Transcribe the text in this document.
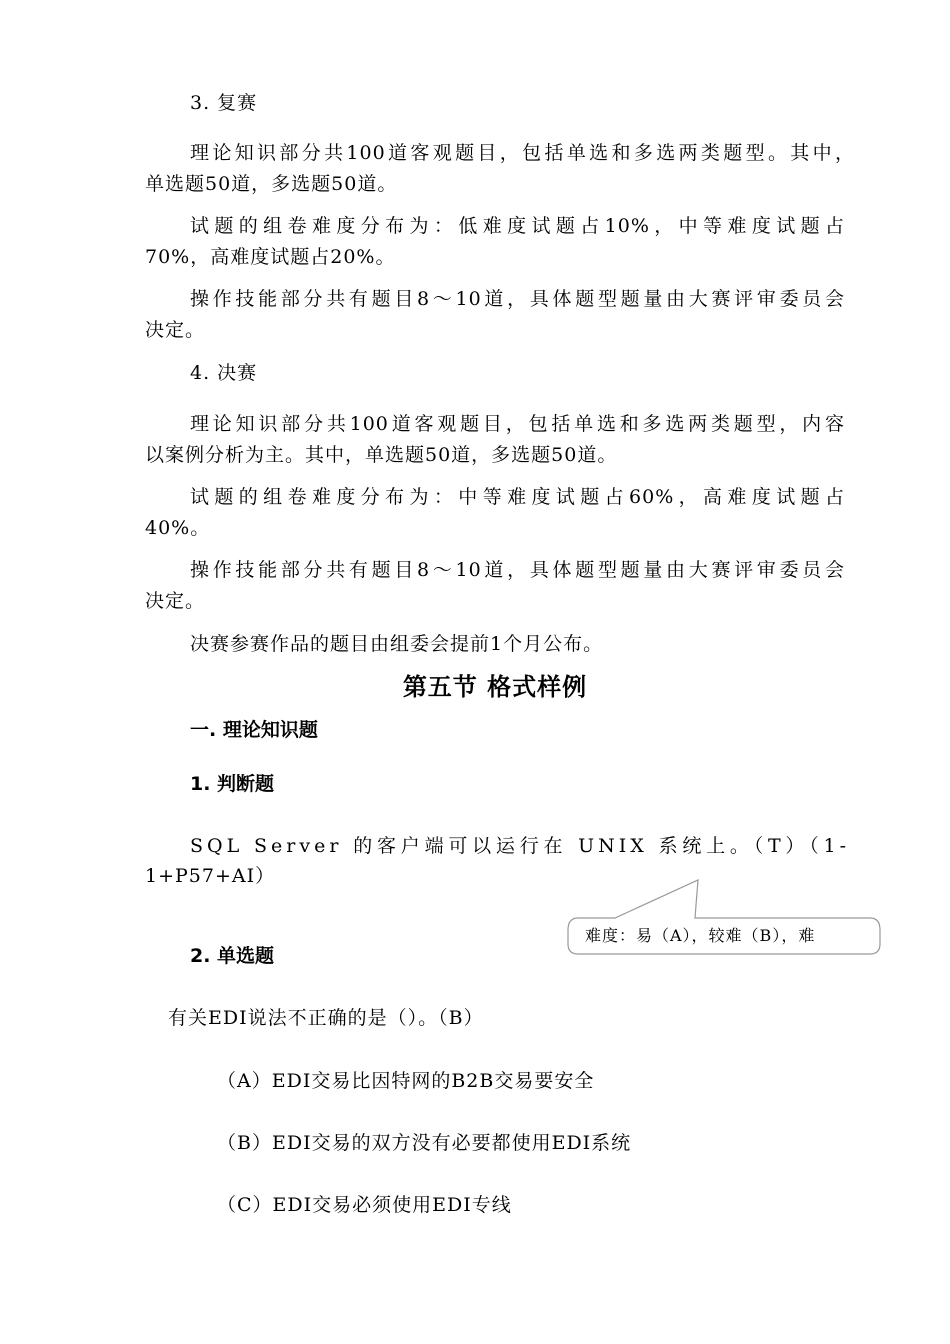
3. 复赛
理论知识部分共100道客观题目，包括单选和多选两类题型。其中，
单选题50道，多选题50道。
试题的组卷难度分布为：低难度试题占10%，中等难度试题占
70%，高难度试题占20%。
操作技能部分共有题目8～10道，具体题型题量由大赛评审委员会
决定。
4. 决赛
理论知识部分共100道客观题目，包括单选和多选两类题型，内容
以案例分析为主。其中，单选题50道，多选题50道。
试题的组卷难度分布为：中等难度试题占60%，高难度试题占
40%。
操作技能部分共有题目8～10道，具体题型题量由大赛评审委员会
决定。
决赛参赛作品的题目由组委会提前1个月公布。
第五节 格式样例
一. 理论知识题
1. 判断题
SQL Server 的客户端可以运行在 UNIX 系统上。（T）（1-
1+P57+AI）
难度：易（A），较难（B），难
2. 单选题
有关EDI说法不正确的是（）。（B）
（A）EDI交易比因特网的B2B交易要安全
（B）EDI交易的双方没有必要都使用EDI系统
（C）EDI交易必须使用EDI专线
